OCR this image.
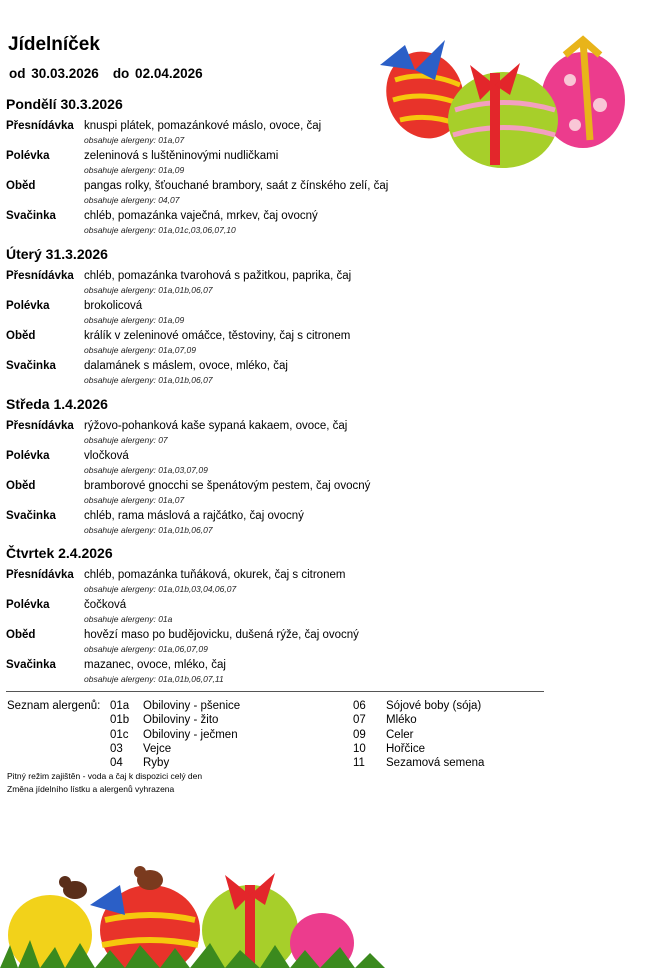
Jídelníček
od 30.03.2026 do 02.04.2026
Pondělí 30.3.2026
Přesnídávka knuspi plátek, pomazánkové máslo, ovoce, čaj
obsahuje alergeny: 01a,07
Polévka	zeleninová s luštěninovými nudličkami
obsahuje alergeny: 01a,09
Oběd	pangas rolky, šťouchané brambory, saát z čínského zelí, čaj
obsahuje alergeny: 04,07
Svačinka chléb, pomazánka vaječná, mrkev, čaj ovocný
obsahuje alergeny: 01a,01c,03,06,07,10
Úterý 31.3.2026
Přesnídávka chléb, pomazánka tvarohová s pažitkou, paprika, čaj
obsahuje alergeny: 01a,01b,06,07
Polévka	brokolicová
obsahuje alergeny: 01a,09
Oběd	králík v zeleninové omáčce, těstoviny, čaj s citronem
obsahuje alergeny: 01a,07,09
Svačinka dalamánek s máslem, ovoce, mléko, čaj
obsahuje alergeny: 01a,01b,06,07
Středa 1.4.2026
Přesnídávka rýžovo-pohanková kaše sypaná kakaem, ovoce, čaj
obsahuje alergeny: 07
Polévka	vločková
obsahuje alergeny: 01a,03,07,09
Oběd	bramborové gnocchi se špenátovým pestem, čaj ovocný
obsahuje alergeny: 01a,07
Svačinka chléb, rama máslová a rajčátko, čaj ovocný
obsahuje alergeny: 01a,01b,06,07
Čtvrtek 2.4.2026
Přesnídávka chléb, pomazánka tuňáková, okurek, čaj s citronem
obsahuje alergeny: 01a,01b,03,04,06,07
Polévka	čočková
obsahuje alergeny: 01a
Oběd	hovězí maso po budějovicku, dušená rýže, čaj ovocný
obsahuje alergeny: 01a,06,07,09
Svačinka mazanec, ovoce, mléko, čaj
obsahuje alergeny: 01a,01b,06,07,11
Seznam alergenů: 01a Obiloviny - pšenice
01b Obiloviny - žito
01c Obiloviny - ječmen
03 Vejce
04 Ryby
06 Sójové boby (sója)
07 Mléko
09 Celer
10 Hořčice
11 Sezamová semena
Pitný režim zajištěn - voda a čaj k dispozici celý den
Změna jídelního lístku a alergenů vyhrazena
